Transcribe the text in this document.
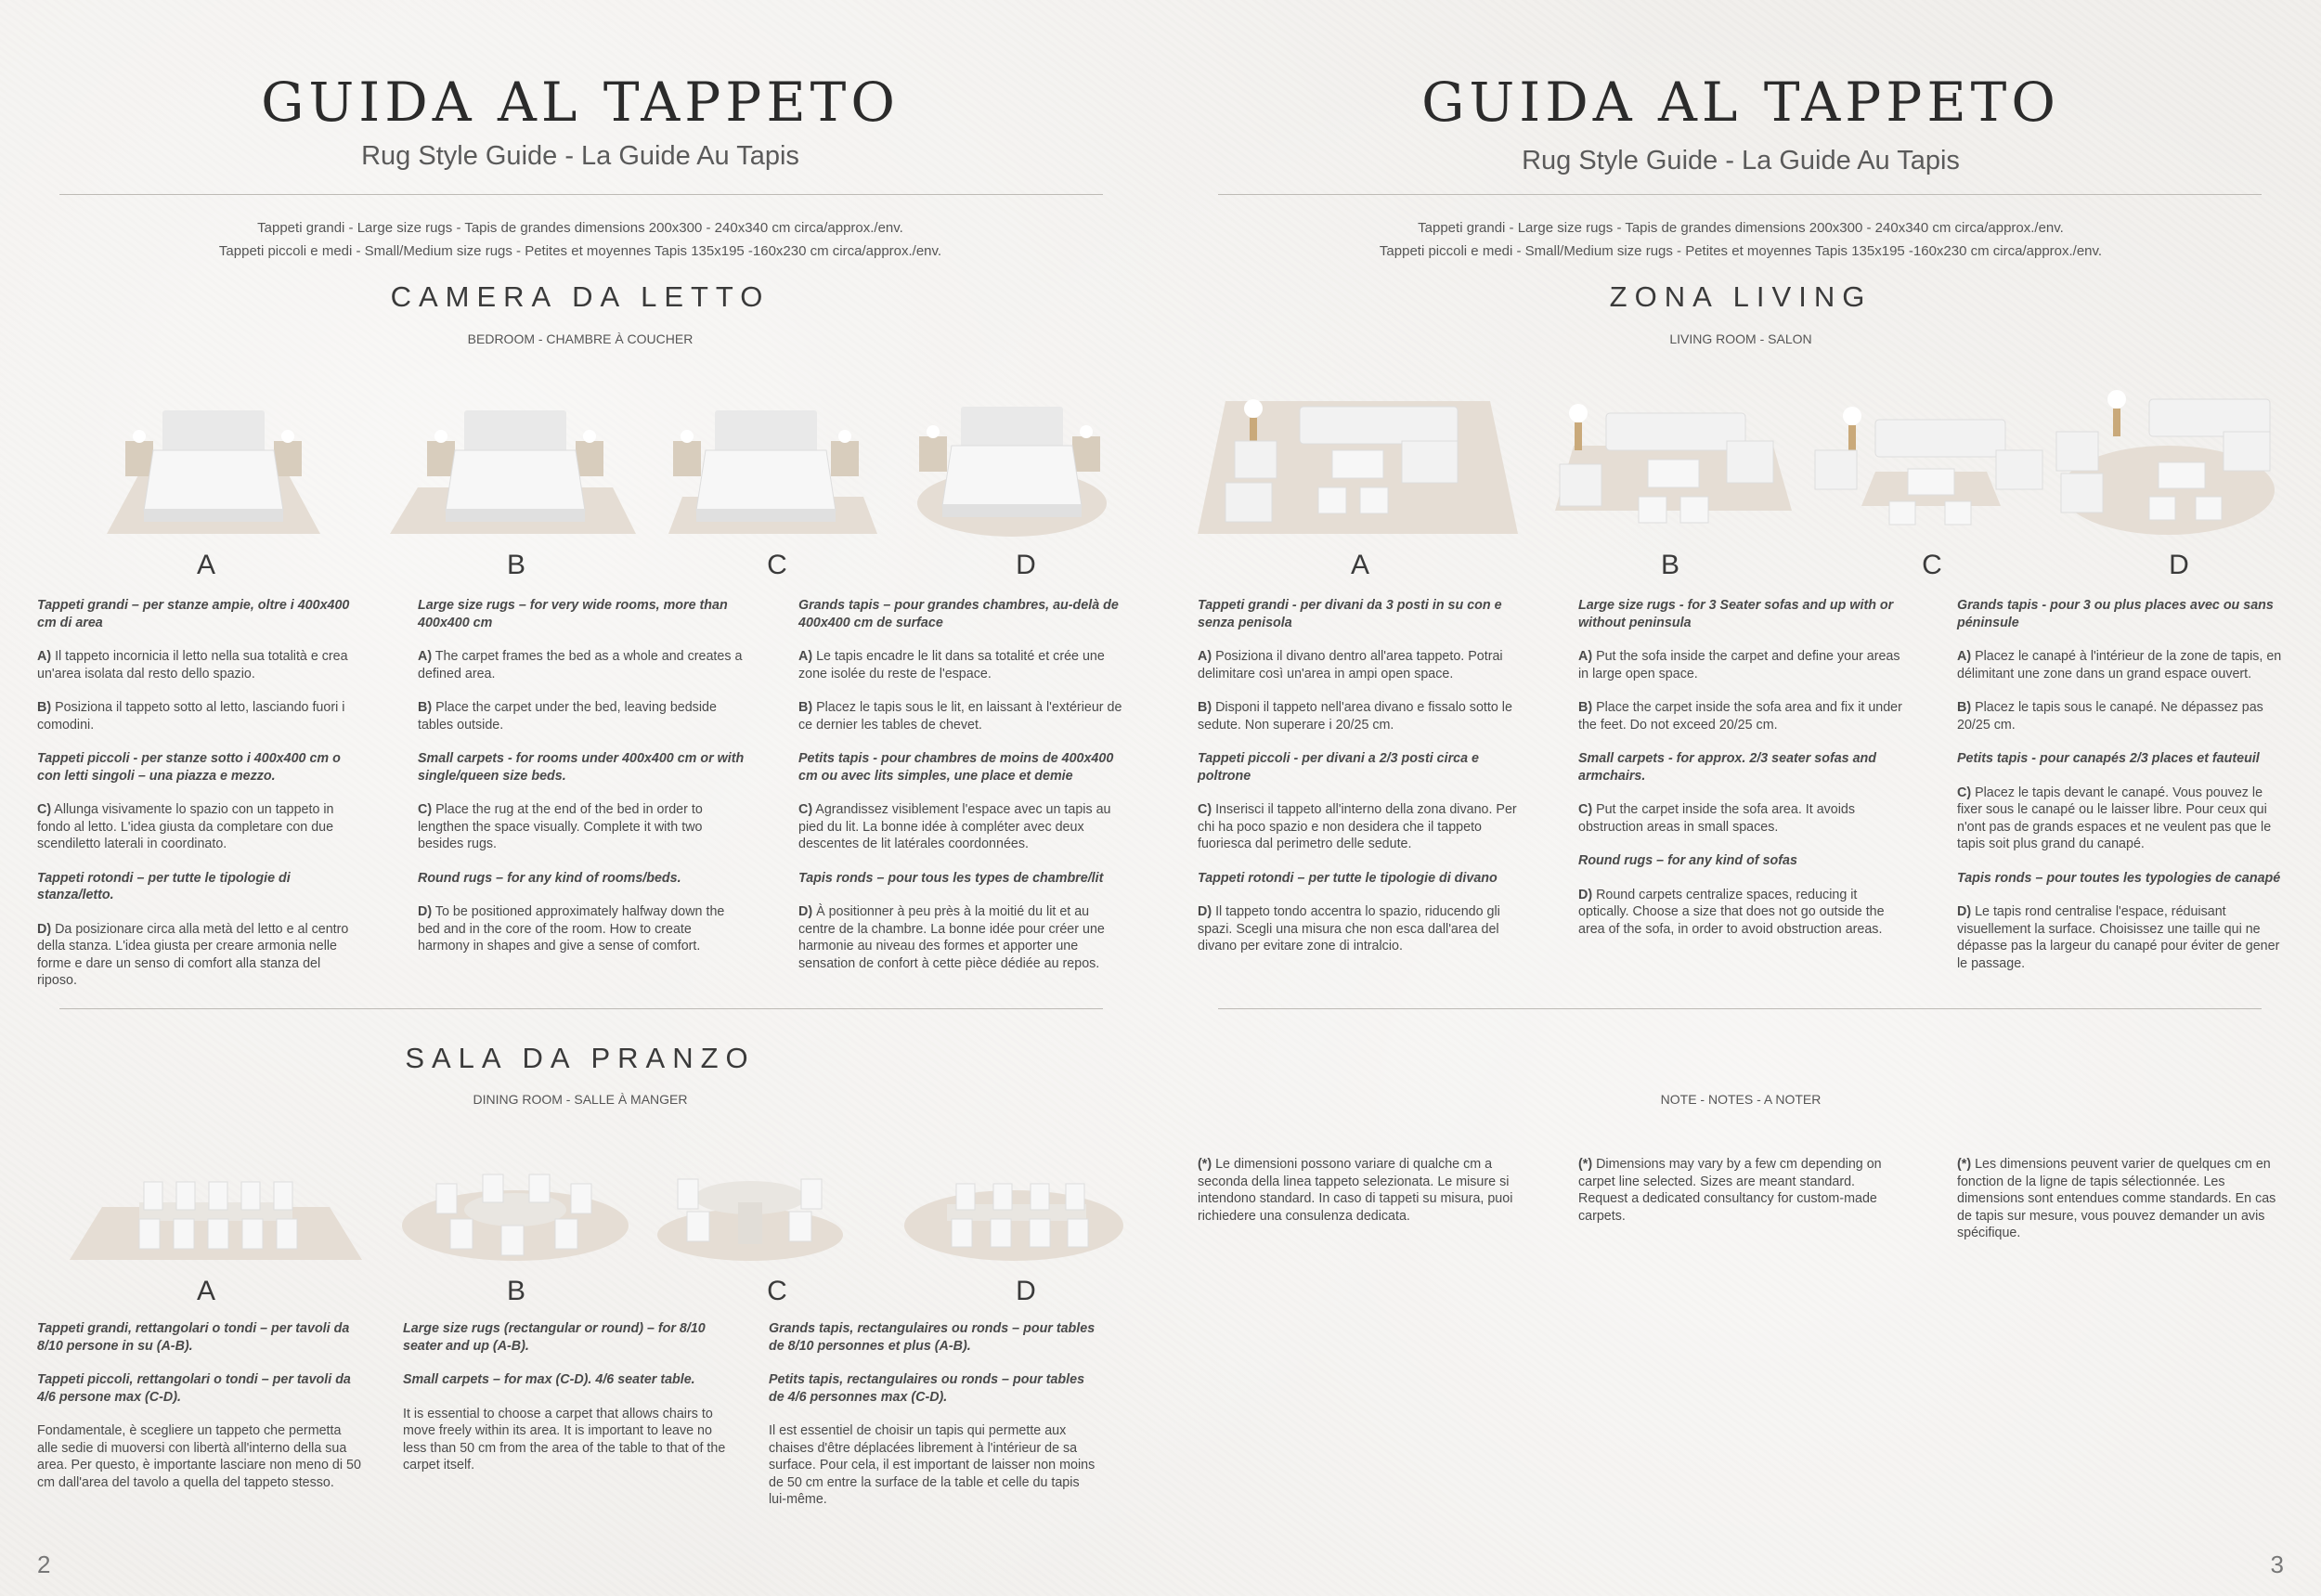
GUIDA AL TAPPETO
Rug Style Guide - La Guide Au Tapis
Tappeti grandi - Large size rugs - Tapis de grandes dimensions 200x300 - 240x340 cm circa/approx./env.
Tappeti piccoli e medi - Small/Medium size rugs - Petites et moyennes Tapis 135x195 -160x230 cm circa/approx./env.
CAMERA DA LETTO
BEDROOM - CHAMBRE À COUCHER
A	B	C	D

Tappeti grandi – per stanze ampie, oltre i 400x400 cm di area

A) Il tappeto incornicia il letto nella sua totalità e crea un'area isolata dal resto dello spazio.

B) Posiziona il tappeto sotto al letto, lasciando fuori i comodini.

Tappeti piccoli - per stanze sotto i 400x400 cm o con letti singoli – una piazza e mezzo.

C) Allunga visivamente lo spazio con un tappeto in fondo al letto. L'idea giusta da completare con due scendiletto laterali in coordinato.

Tappeti rotondi – per tutte le tipologie di stanza/letto.

D) Da posizionare circa alla metà del letto e al centro della stanza. L'idea giusta per creare armonia nelle forme e dare un senso di comfort alla stanza del riposo.

Large size rugs – for very wide rooms, more than 400x400 cm

A) The carpet frames the bed as a whole and creates a defined area.

B) Place the carpet under the bed, leaving bedside tables outside.

Small carpets - for rooms under 400x400 cm or with single/queen size beds.

C) Place the rug at the end of the bed in order to lengthen the space visually. Complete it with two besides rugs.

Round rugs – for any kind of rooms/beds.

D) To be positioned approximately halfway down the bed and in the core of the room. How to create harmony in shapes and give a sense of comfort.

Grands tapis – pour grandes chambres, au-delà de 400x400 cm de surface

A) Le tapis encadre le lit dans sa totalité et crée une zone isolée du reste de l'espace.

B) Placez le tapis sous le lit, en laissant à l'extérieur de ce dernier les tables de chevet.

Petits tapis - pour chambres de moins de 400x400 cm ou avec lits simples, une place et demie

C) Agrandissez visiblement l'espace avec un tapis au pied du lit. La bonne idée à compléter avec deux descentes de lit latérales coordonnées.

Tapis ronds – pour tous les types de chambre/lit

D) À positionner à peu près à la moitié du lit et au centre de la chambre. La bonne idée pour créer une harmonie au niveau des formes et apporter une sensation de confort à cette pièce dédiée au repos.

SALA DA PRANZO
DINING ROOM - SALLE À MANGER
A	B	C	D

Tappeti grandi, rettangolari o tondi – per tavoli da 8/10 persone in su (A-B).

Tappeti piccoli, rettangolari o tondi – per tavoli da 4/6 persone max (C-D).

Fondamentale, è scegliere un tappeto che permetta alle sedie di muoversi con libertà all'interno della sua area. Per questo, è importante lasciare non meno di 50 cm dall'area del tavolo a quella del tappeto stesso.

Large size rugs (rectangular or round) – for 8/10 seater and up (A-B).

Small carpets – for max (C-D). 4/6 seater table.

It is essential to choose a carpet that allows chairs to move freely within its area. It is important to leave no less than 50 cm from the area of the table to that of the carpet itself.

Grands tapis, rectangulaires ou ronds – pour tables de 8/10 personnes et plus (A-B).

Petits tapis, rectangulaires ou ronds – pour tables de 4/6 personnes max (C-D).

Il est essentiel de choisir un tapis qui permette aux chaises d'être déplacées librement à l'intérieur de sa surface. Pour cela, il est important de laisser non moins de 50 cm entre la surface de la table et celle du tapis lui-même.

2
GUIDA AL TAPPETO
Rug Style Guide - La Guide Au Tapis
Tappeti grandi - Large size rugs - Tapis de grandes dimensions 200x300 - 240x340 cm circa/approx./env.
Tappeti piccoli e medi - Small/Medium size rugs - Petites et moyennes Tapis 135x195 -160x230 cm circa/approx./env.
ZONA LIVING
LIVING ROOM - SALON
A	B	C	D

Tappeti grandi - per divani da 3 posti in su con e senza penisola

A) Posiziona il divano dentro all'area tappeto. Potrai delimitare così un'area in ampi open space.

B) Disponi il tappeto nell'area divano e fissalo sotto le sedute. Non superare i 20/25 cm.

Tappeti piccoli - per divani a 2/3 posti circa e poltrone

C) Inserisci il tappeto all'interno della zona divano. Per chi ha poco spazio e non desidera che il tappeto fuoriesca dal perimetro delle sedute.

Tappeti rotondi – per tutte le tipologie di divano

D) Il tappeto tondo accentra lo spazio, riducendo gli spazi. Scegli una misura che non esca dall'area del divano per evitare zone di intralcio.

Large size rugs - for 3 Seater sofas and up with or without peninsula

A) Put the sofa inside the carpet and define your areas in large open space.

B) Place the carpet inside the sofa area and fix it under the feet. Do not exceed 20/25 cm.

Small carpets - for approx. 2/3 seater sofas and armchairs.

C) Put the carpet inside the sofa area. It avoids obstruction areas in small spaces.

Round rugs – for any kind of sofas

D) Round carpets centralize spaces, reducing it optically. Choose a size that does not go outside the area of the sofa, in order to avoid obstruction areas.

Grands tapis - pour 3 ou plus places avec ou sans péninsule

A) Placez le canapé à l'intérieur de la zone de tapis, en délimitant une zone dans un grand espace ouvert.

B) Placez le tapis sous le canapé. Ne dépassez pas 20/25 cm.

Petits tapis - pour canapés 2/3 places et fauteuil

C) Placez le tapis devant le canapé. Vous pouvez le fixer sous le canapé ou le laisser libre. Pour ceux qui n'ont pas de grands espaces et ne veulent pas que le tapis soit plus grand du canapé.

Tapis ronds – pour toutes les typologies de canapé

D) Le tapis rond centralise l'espace, réduisant visuellement la surface. Choisissez une taille qui ne dépasse pas la largeur du canapé pour éviter de gener le passage.

NOTE - NOTES - A NOTER

(*) Le dimensioni possono variare di qualche cm a seconda della linea tappeto selezionata. Le misure si intendono standard. In caso di tappeti su misura, puoi richiedere una consulenza dedicata.

(*) Dimensions may vary by a few cm depending on carpet line selected. Sizes are meant standard. Request a dedicated consultancy for custom-made carpets.

(*) Les dimensions peuvent varier de quelques cm en fonction de la ligne de tapis sélectionnée. Les dimensions sont entendues comme standards. En cas de tapis sur mesure, vous pouvez demander un avis spécifique.

3
